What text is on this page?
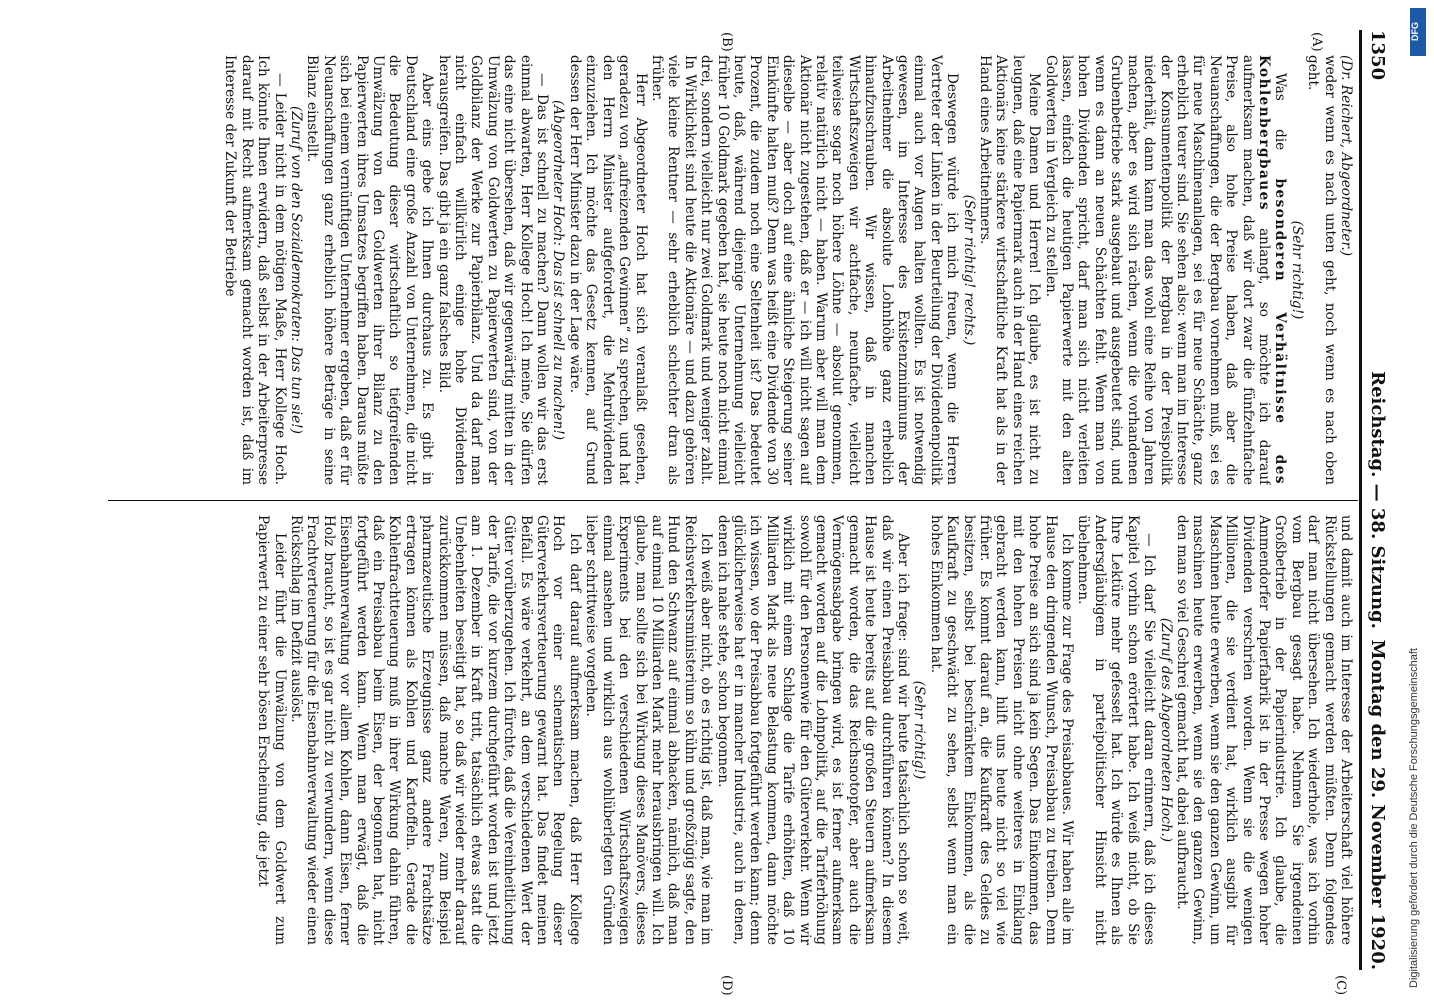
1350
Reichstag. — 38. Sitzung.
Montag den 29. November 1920.
(A)
(B)
(C)
(D)

(Dr. Reichert, Abgeordneter.)

weder wenn es nach unten geht, noch wenn es nach oben geht.

(Sehr richtig!)

Was die besonderen Verhältnisse des Kohlenbergbaues anlangt, so möchte ich darauf aufmerksam machen, daß wir dort zwar die fünfzehnfache Preise, also hohe Preise haben, daß aber die Neuanschaffungen, die der Bergbau vornehmen muß, sei es für neue Maschinenanlagen, sei es für neue Schächte, ganz erheblich teurer sind. Sie sehen also: wenn man im Interesse der Konsumentenpolitik der Bergbau in der Preispolitik niederhält, dann kann man das wohl eine Reihe von Jahren machen, aber es wird sich rächen, wenn die vorhandenen Grubenbetriebe stark ausgebaut und ausgebeutet sind, und wenn es dann an neuen Schächten fehlt. Wenn man von hohen Dividenden spricht, darf man sich nicht verleiten lassen, einfach die heutigen Papierwerte mit den alten Goldwerten in Vergleich zu stellen.

Meine Damen und Herren! Ich glaube, es ist nicht zu leugnen, daß eine Papiermark auch in der Hand eines reichen Aktionärs keine stärkere wirtschaftliche Kraft hat als in der Hand eines Arbeitnehmers.

(Sehr richtig! rechts.)

Deswegen würde ich mich freuen, wenn die Herren Vertreter der Linken in der Beurteilung der Dividendenpolitik einmal auch vor Augen halten wollten. Es ist notwendig gewesen, im Interesse des Existenzminimums der Arbeitnehmer die absolute Lohnhöhe ganz erheblich hinaufzuschrauben. Wir wissen, daß in manchen Wirtschaftszweigen wir achtfache, neunfache, vielleicht teilweise sogar noch höhere Löhne — absolut genommen, relativ natürlich nicht — haben. Warum aber will man dem Aktionär nicht zugestehen, daß er — ich will nicht sagen auf dieselbe — aber doch auf eine ähnliche Steigerung seiner Einkünfte halten muß? Denn was heißt eine Dividende von 30 Prozent, die zudem noch eine Seltenheit ist? Das bedeutet heute, daß, während diejenige Unternehmung vielleicht früher 10 Goldmark gegeben hat, sie heute noch nicht einmal drei, sondern vielleicht nur zwei Goldmark und weniger zahlt. In Wirklichkeit sind heute die Aktionäre — und dazu gehören viele kleine Rentner — sehr erheblich schlechter dran als früher.

Herr Abgeordneter Hoch hat sich veranlaßt gesehen, geradezu von „aufreizenden Gewinnen“ zu sprechen, und hat den Herrn Minister aufgefordert, die Mehrdividenden einzuziehen. Ich möchte das Gesetz kennen, auf Grund dessen der Herr Minister dazu in der Lage wäre.

(Abgeordneter Hoch: Das ist schnell zu machen!)

— Das ist schnell zu machen? Dann wollen wir das erst einmal abwarten, Herr Kollege Hoch! Ich meine, Sie dürfen das eine nicht übersehen, daß wir gegenwärtig mitten in der Umwälzung von Goldwerten zu Papierwerten sind, von der Goldbilanz der Werke zur Papierbilanz. Und da darf man nicht einfach willkürlich einige hohe Dividenden herausgreifen. Das gibt ja ein ganz falsches Bild.

Aber eins gebe ich Ihnen durchaus zu. Es gibt in Deutschland eine große Anzahl von Unternehmen, die nicht die Bedeutung dieser wirtschaftlich so tiefgreifenden Umwälzung von den Goldwerten ihrer Bilanz zu den Papierwerten ihres Umsatzes begriffen haben. Daraus müßte sich bei einem vernünftigen Unternehmer ergeben, daß er für Neuanschaffungen ganz erheblich höhere Beträge in seine Bilanz einstellt.

(Zuruf von den Sozialdemokraten: Das tun sie!)

— Leider nicht in dem nötigen Maße, Herr Kollege Hoch. Ich könnte Ihnen erwidern, daß selbst in der Arbeiterpresse darauf mit Recht aufmerksam gemacht worden ist, daß im Interesse der Zukunft der Betriebe

und damit auch im Interesse der Arbeiterschaft viel höhere Rückstellungen gemacht werden müßten. Denn folgendes darf man nicht übersehen. Ich wiederhole, was ich vorhin vom Bergbau gesagt habe. Nehmen Sie irgendeinen Großbetrieb in der Papierindustrie. Ich glaube, die Ammendorfer Papierfabrik ist in der Presse wegen hoher Dividenden verschrien worden. Wenn sie die wenigen Millionen, die sie verdient hat, wirklich ausgibt für Maschinen heute erwerben, wenn sie den ganzen Gewinn, um maschinen heute erwerben, wenn sie den ganzen Gewinn, den man so viel Geschrei gemacht hat, dabei aufbraucht.

(Zuruf des Abgeordneten Hoch.)

— Ich darf Sie vielleicht daran erinnern, daß ich dieses Kapitel vorhin schon erörtert habe. Ich weiß nicht, ob Sie Ihre Lektüre mehr gefesselt hat. Ich würde es Ihnen als Andersgläubigem in parteipolitischer Hinsicht nicht übelnehmen.

Ich komme zur Frage des Preisabbaues. Wir haben alle im Hause den dringenden Wunsch, Preisabbau zu treiben. Denn hohe Preise an sich sind ja kein Segen. Das Einkommen, das mit den hohen Preisen nicht ohne weiteres in Einklang gebracht werden kann, hilft uns heute nicht so viel wie früher. Es kommt darauf an, die Kaufkraft des Geldes zu besitzen, selbst bei beschränktem Einkommen, als die Kaufkraft zu geschwächt zu sehen, selbst wenn man ein hohes Einkommen hat.

(Sehr richtig!)

Aber ich frage: sind wir heute tatsächlich schon so weit, daß wir einen Preisabbau durchführen können? In diesem Hause ist heute bereits auf die großen Steuern aufmerksam gemacht worden, die das Reichsnotopfer, aber auch die Vermögensabgabe bringen wird, es ist ferner aufmerksam gemacht worden auf die Lohnpolitik, auf die Tariferhöhung sowohl für den Personenwie für den Güterverkehr. Wenn wir wirklich mit einem Schlage die Tarife erhöhten, daß 10 Milliarden Mark als neue Belastung kommen, dann möchte ich wissen, wo der Preisabbau fortgeführt werden kann; denn glücklicherweise hat er in mancher Industrie, auch in denen, denen ich nahe stehe, schon begonnen.

Ich weiß aber nicht, ob es richtig ist, daß man, wie man im Reichsverkehrsministerium so kühn und großzügig sagte, den Hund den Schwanz auf einmal abhacken, nämlich, daß man auf einmal 10 Milliarden Mark mehr herausbringen will. Ich glaube, man sollte sich bei Wirkung dieses Manövers, dieses Experiments bei den verschiedenen Wirtschaftszweigen einmal ansehen und wirklich aus wohlüberlegten Gründen lieber schrittweise vorgehen.

Ich darf darauf aufmerksam machen, daß Herr Kollege Hoch vor einer schematischen Regelung dieser Güterverkehrsverteuerung gewarnt hat. Das findet meinen Beifall. Es wäre verkehrt, an dem verschiedenen Wert der Güter vorüberzugehen. Ich fürchte, daß die Vereinheitlichung der Tarife, die vor kurzem durchgeführt worden ist und jetzt am 1. Dezember in Kraft tritt, tatsächlich etwas statt die Unebenheiten beseitigt hat, so daß wir wieder mehr darauf zurückkommen müssen, daß manche Waren, zum Beispiel pharmazeutische Erzeugnisse ganz andere Frachtsätze ertragen können als Kohlen und Kartoffeln. Gerade die Kohlenfrachtteuerung muß in ihrer Wirkung dahin führen, daß ein Preisabbau beim Eisen, der begonnen hat, nicht fortgeführt werden kann. Wenn man erwägt, daß die Eisenbahnverwaltung vor allem Kohlen, dann Eisen, ferner Holz braucht, so ist es gar nicht zu verwundern, wenn diese Frachtverteuerung für die Eisenbahnverwaltung wieder einen Rückschlag im Defizit auslöst.

Leider führt die Umwälzung von dem Goldwert zum Papierwert zu einer sehr bösen Erscheinung, die jetzt

DFG
Digitalisierung gefördert durch die Deutsche Forschungsgemeinschaft
